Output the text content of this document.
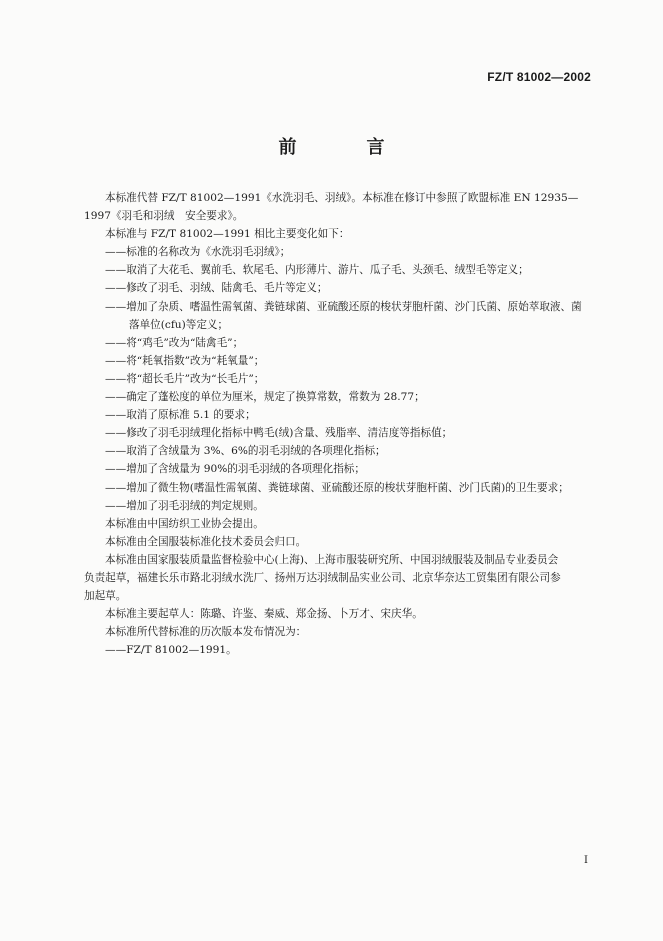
FZ/T 81002—2002
前　言

本标准代替 FZ/T 81002—1991《水洗羽毛、羽绒》。本标准在修订中参照了欧盟标准 EN 12935—

1997《羽毛和羽绒　安全要求》。

本标准与 FZ/T 81002—1991 相比主要变化如下：

——标准的名称改为《水洗羽毛羽绒》；

——取消了大花毛、翼前毛、软尾毛、内形薄片、游片、瓜子毛、头颈毛、绒型毛等定义；

——修改了羽毛、羽绒、陆禽毛、毛片等定义；

——增加了杂质、嗜温性需氧菌、粪链球菌、亚硫酸还原的梭状芽胞杆菌、沙门氏菌、原始萃取液、菌

落单位(cfu)等定义；

——将“鸡毛”改为“陆禽毛”；

——将“耗氧指数”改为“耗氧量”；

——将“超长毛片”改为“长毛片”；

——确定了蓬松度的单位为厘米，规定了换算常数，常数为 28.77；

——取消了原标准 5.1 的要求；

——修改了羽毛羽绒理化指标中鸭毛(绒)含量、残脂率、清洁度等指标值；

——取消了含绒量为 3%、6%的羽毛羽绒的各项理化指标；

——增加了含绒量为 90%的羽毛羽绒的各项理化指标；

——增加了微生物(嗜温性需氧菌、粪链球菌、亚硫酸还原的梭状芽胞杆菌、沙门氏菌)的卫生要求；

——增加了羽毛羽绒的判定规则。

本标准由中国纺织工业协会提出。

本标准由全国服装标准化技术委员会归口。

本标准由国家服装质量监督检验中心(上海)、上海市服装研究所、中国羽绒服装及制品专业委员会

负责起草，福建长乐市路北羽绒水洗厂、扬州万达羽绒制品实业公司、北京华奈达工贸集团有限公司参

加起草。

本标准主要起草人：陈璐、许鉴、秦威、郑金扬、卜万才、宋庆华。

本标准所代替标准的历次版本发布情况为：

——FZ/T 81002—1991。

I
